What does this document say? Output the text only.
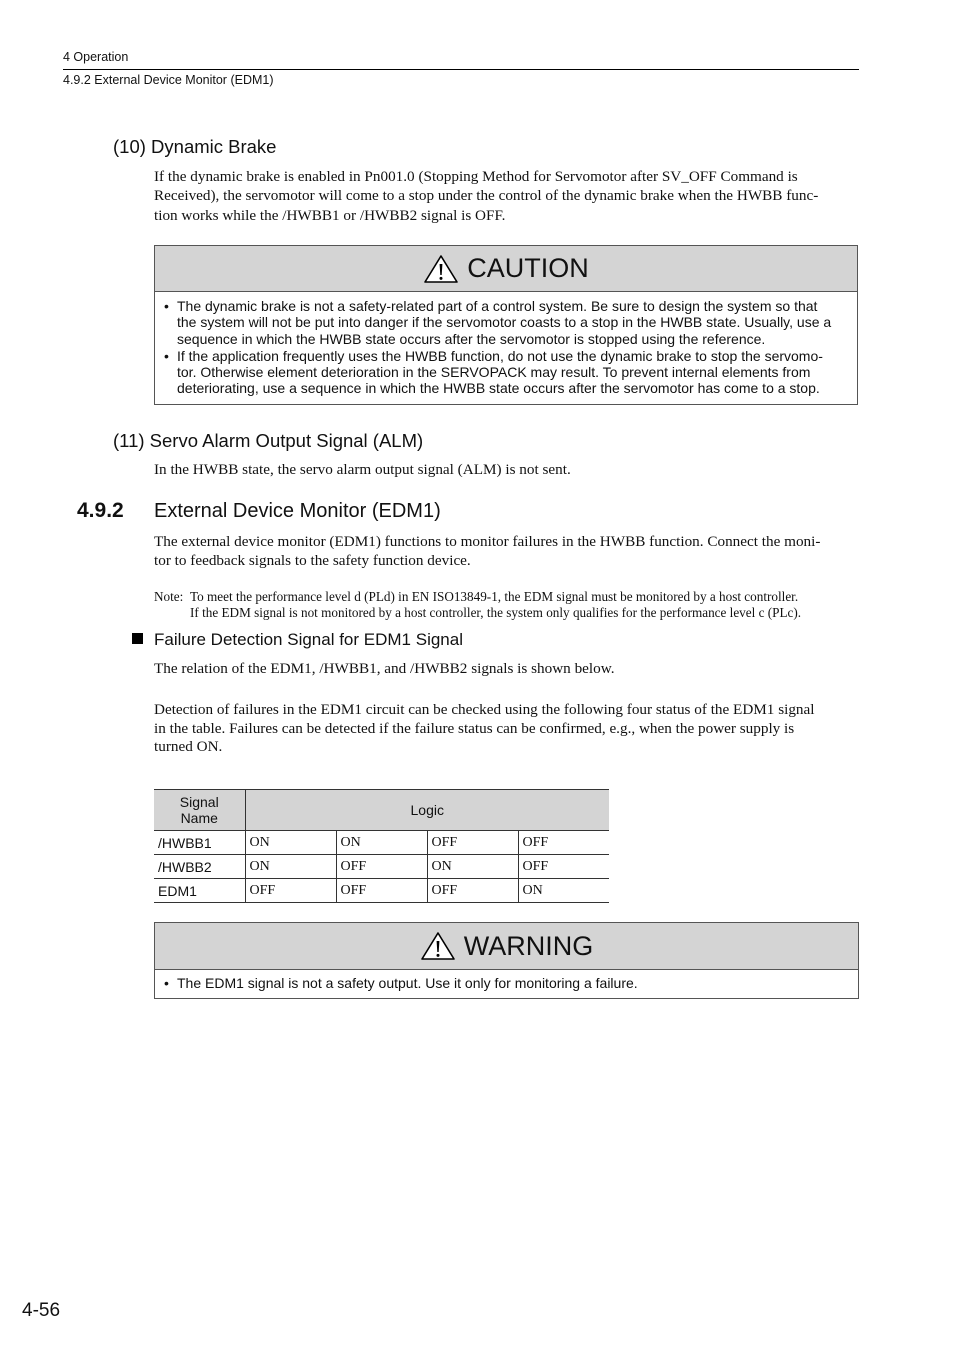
4 Operation
4.9.2 External Device Monitor (EDM1)
(10) Dynamic Brake
If the dynamic brake is enabled in Pn001.0 (Stopping Method for Servomotor after SV_OFF Command is
Received), the servomotor will come to a stop under the control of the dynamic brake when the HWBB func-
tion works while the /HWBB1 or /HWBB2 signal is OFF.
CAUTION
• The dynamic brake is not a safety-related part of a control system. Be sure to design the system so that
the system will not be put into danger if the servomotor coasts to a stop in the HWBB state. Usually, use a
sequence in which the HWBB state occurs after the servomotor is stopped using the reference.
• If the application frequently uses the HWBB function, do not use the dynamic brake to stop the servomo-
tor. Otherwise element deterioration in the SERVOPACK may result. To prevent internal elements from
deteriorating, use a sequence in which the HWBB state occurs after the servomotor has come to a stop.
(11) Servo Alarm Output Signal (ALM)
In the HWBB state, the servo alarm output signal (ALM) is not sent.
4.9.2 External Device Monitor (EDM1)
The external device monitor (EDM1) functions to monitor failures in the HWBB function. Connect the moni-
tor to feedback signals to the safety function device.
Note: To meet the performance level d (PLd) in EN ISO13849-1, the EDM signal must be monitored by a host controller.
If the EDM signal is not monitored by a host controller, the system only qualifies for the performance level c (PLc).
Failure Detection Signal for EDM1 Signal
The relation of the EDM1, /HWBB1, and /HWBB2 signals is shown below.
Detection of failures in the EDM1 circuit can be checked using the following four status of the EDM1 signal
in the table. Failures can be detected if the failure status can be confirmed, e.g., when the power supply is
turned ON.
Signal
Name	Logic			
/HWBB1	ON	ON	OFF	OFF
/HWBB2	ON	OFF	ON	OFF
EDM1	OFF	OFF	OFF	ON
WARNING
• The EDM1 signal is not a safety output. Use it only for monitoring a failure.
4-56
